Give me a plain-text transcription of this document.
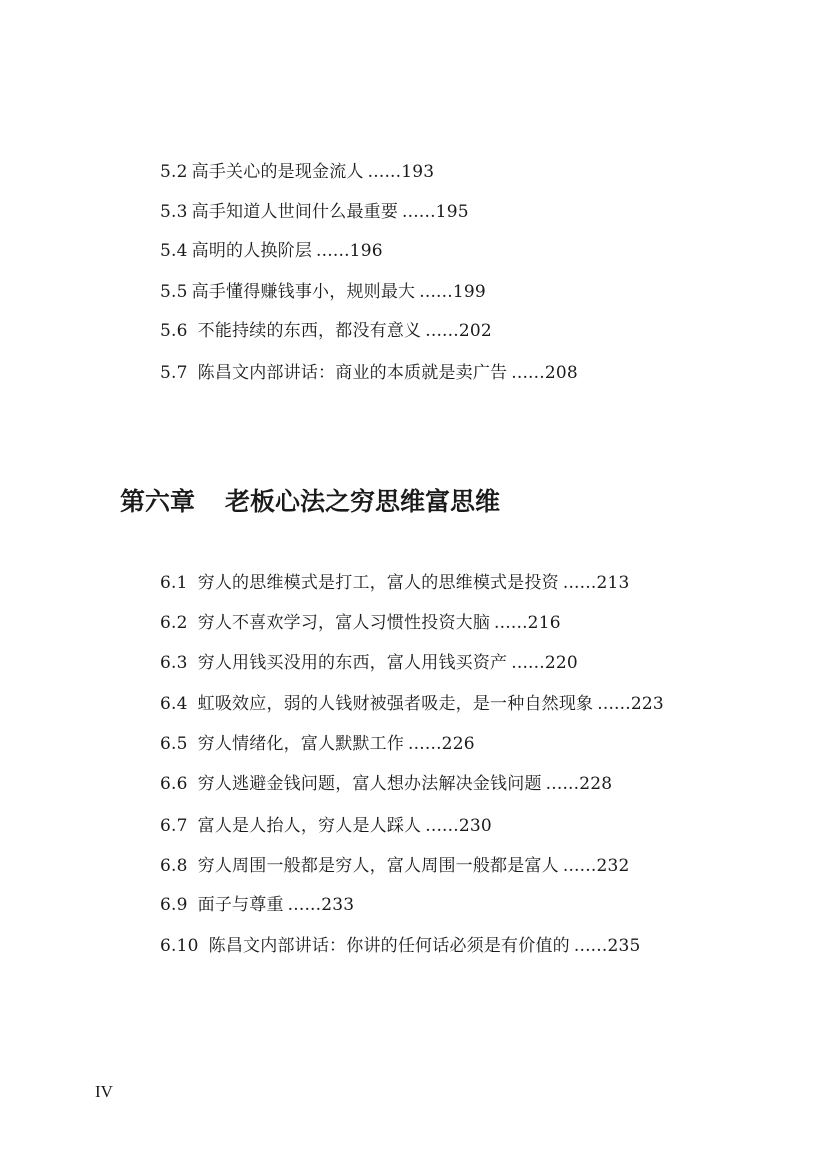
5.2 高手关心的是现金流人 ......193
5.3 高手知道人世间什么最重要 ......195
5.4 高明的人换阶层 ......196
5.5 高手懂得赚钱事小，规则最大 ......199
5.6 不能持续的东西，都没有意义 ......202
5.7 陈昌文内部讲话：商业的本质就是卖广告 ......208
第六章 老板心法之穷思维富思维
6.1 穷人的思维模式是打工，富人的思维模式是投资 ......213
6.2 穷人不喜欢学习，富人习惯性投资大脑 ......216
6.3 穷人用钱买没用的东西，富人用钱买资产 ......220
6.4 虹吸效应，弱的人钱财被强者吸走，是一种自然现象 ......223
6.5 穷人情绪化，富人默默工作 ......226
6.6 穷人逃避金钱问题，富人想办法解决金钱问题 ......228
6.7 富人是人抬人，穷人是人踩人 ......230
6.8 穷人周围一般都是穷人，富人周围一般都是富人 ......232
6.9 面子与尊重 ......233
6.10 陈昌文内部讲话：你讲的任何话必须是有价值的 ......235
IV
